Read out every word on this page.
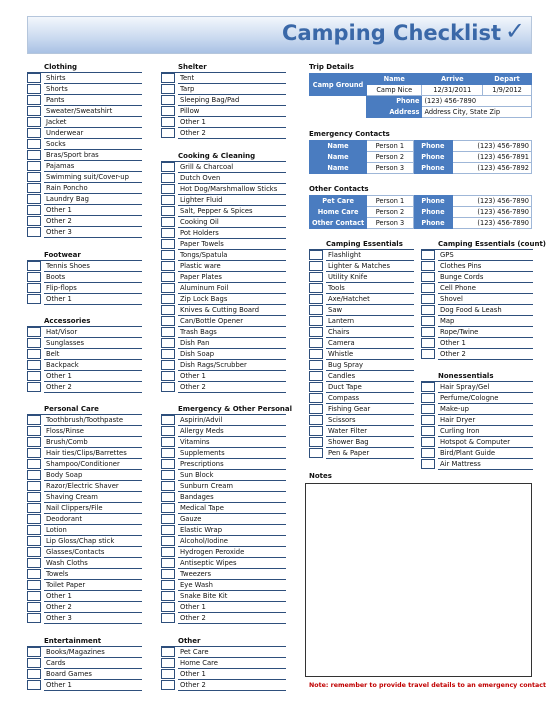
Camping Checklist ✓
Clothing
Shirts
Shorts
Pants
Sweater/Sweatshirt
Jacket
Underwear
Socks
Bras/Sport bras
Pajamas
Swimming suit/Cover-up
Rain Poncho
Laundry Bag
Other 1
Other 2
Other 3
Footwear
Tennis Shoes
Boots
Flip-flops
Other 1
Accessories
Hat/Visor
Sunglasses
Belt
Backpack
Other 1
Other 2
Personal Care
Toothbrush/Toothpaste
Floss/Rinse
Brush/Comb
Hair ties/Clips/Barrettes
Shampoo/Conditioner
Body Soap
Razor/Electric Shaver
Shaving Cream
Nail Clippers/File
Deodorant
Lotion
Lip Gloss/Chap stick
Glasses/Contacts
Wash Cloths
Towels
Toilet Paper
Other 1
Other 2
Other 3
Entertainment
Books/Magazines
Cards
Board Games
Other 1
Shelter
Tent
Tarp
Sleeping Bag/Pad
Pillow
Other 1
Other 2
Cooking & Cleaning
Grill & Charcoal
Dutch Oven
Hot Dog/Marshmallow Sticks
Lighter Fluid
Salt, Pepper & Spices
Cooking Oil
Pot Holders
Paper Towels
Tongs/Spatula
Plastic ware
Paper Plates
Aluminum Foil
Zip Lock Bags
Knives & Cutting Board
Can/Bottle Opener
Trash Bags
Dish Pan
Dish Soap
Dish Rags/Scrubber
Other 1
Other 2
Emergency & Other Personal
Aspirin/Advil
Allergy Meds
Vitamins
Supplements
Prescriptions
Sun Block
Sunburn Cream
Bandages
Medical Tape
Gauze
Elastic Wrap
Alcohol/Iodine
Hydrogen Peroxide
Antiseptic Wipes
Tweezers
Eye Wash
Snake Bite Kit
Other 1
Other 2
Other
Pet Care
Home Care
Other 1
Other 2
Camping Essentials
Flashlight
Lighter & Matches
Utility Knife
Tools
Axe/Hatchet
Saw
Lantern
Chairs
Camera
Whistle
Bug Spray
Candles
Duct Tape
Compass
Fishing Gear
Scissors
Water Filter
Shower Bag
Pen & Paper
Camping Essentials (count)
GPS
Clothes Pins
Bunge Cords
Cell Phone
Shovel
Dog Food & Leash
Map
Rope/Twine
Other 1
Other 2
Nonessentials
Hair Spray/Gel
Perfume/Cologne
Make-up
Hair Dryer
Curling Iron
Hotspot & Computer
Bird/Plant Guide
Air Mattress
Trip Details
Camp Ground	Name	Arrive	Depart
	Camp Nice	12/31/2011	1/9/2012
	Phone	(123) 456-7890	
	Address	Address City, State Zip	
Emergency Contacts
Name	Person 1	Phone	(123) 456-7890
Name	Person 2	Phone	(123) 456-7891
Name	Person 3	Phone	(123) 456-7892
Other Contacts
Pet Care	Person 1	Phone	(123) 456-7890
Home Care	Person 2	Phone	(123) 456-7890
Other Contact	Person 3	Phone	(123) 456-7890
Notes
Note: remember to provide travel details to an emergency contact
